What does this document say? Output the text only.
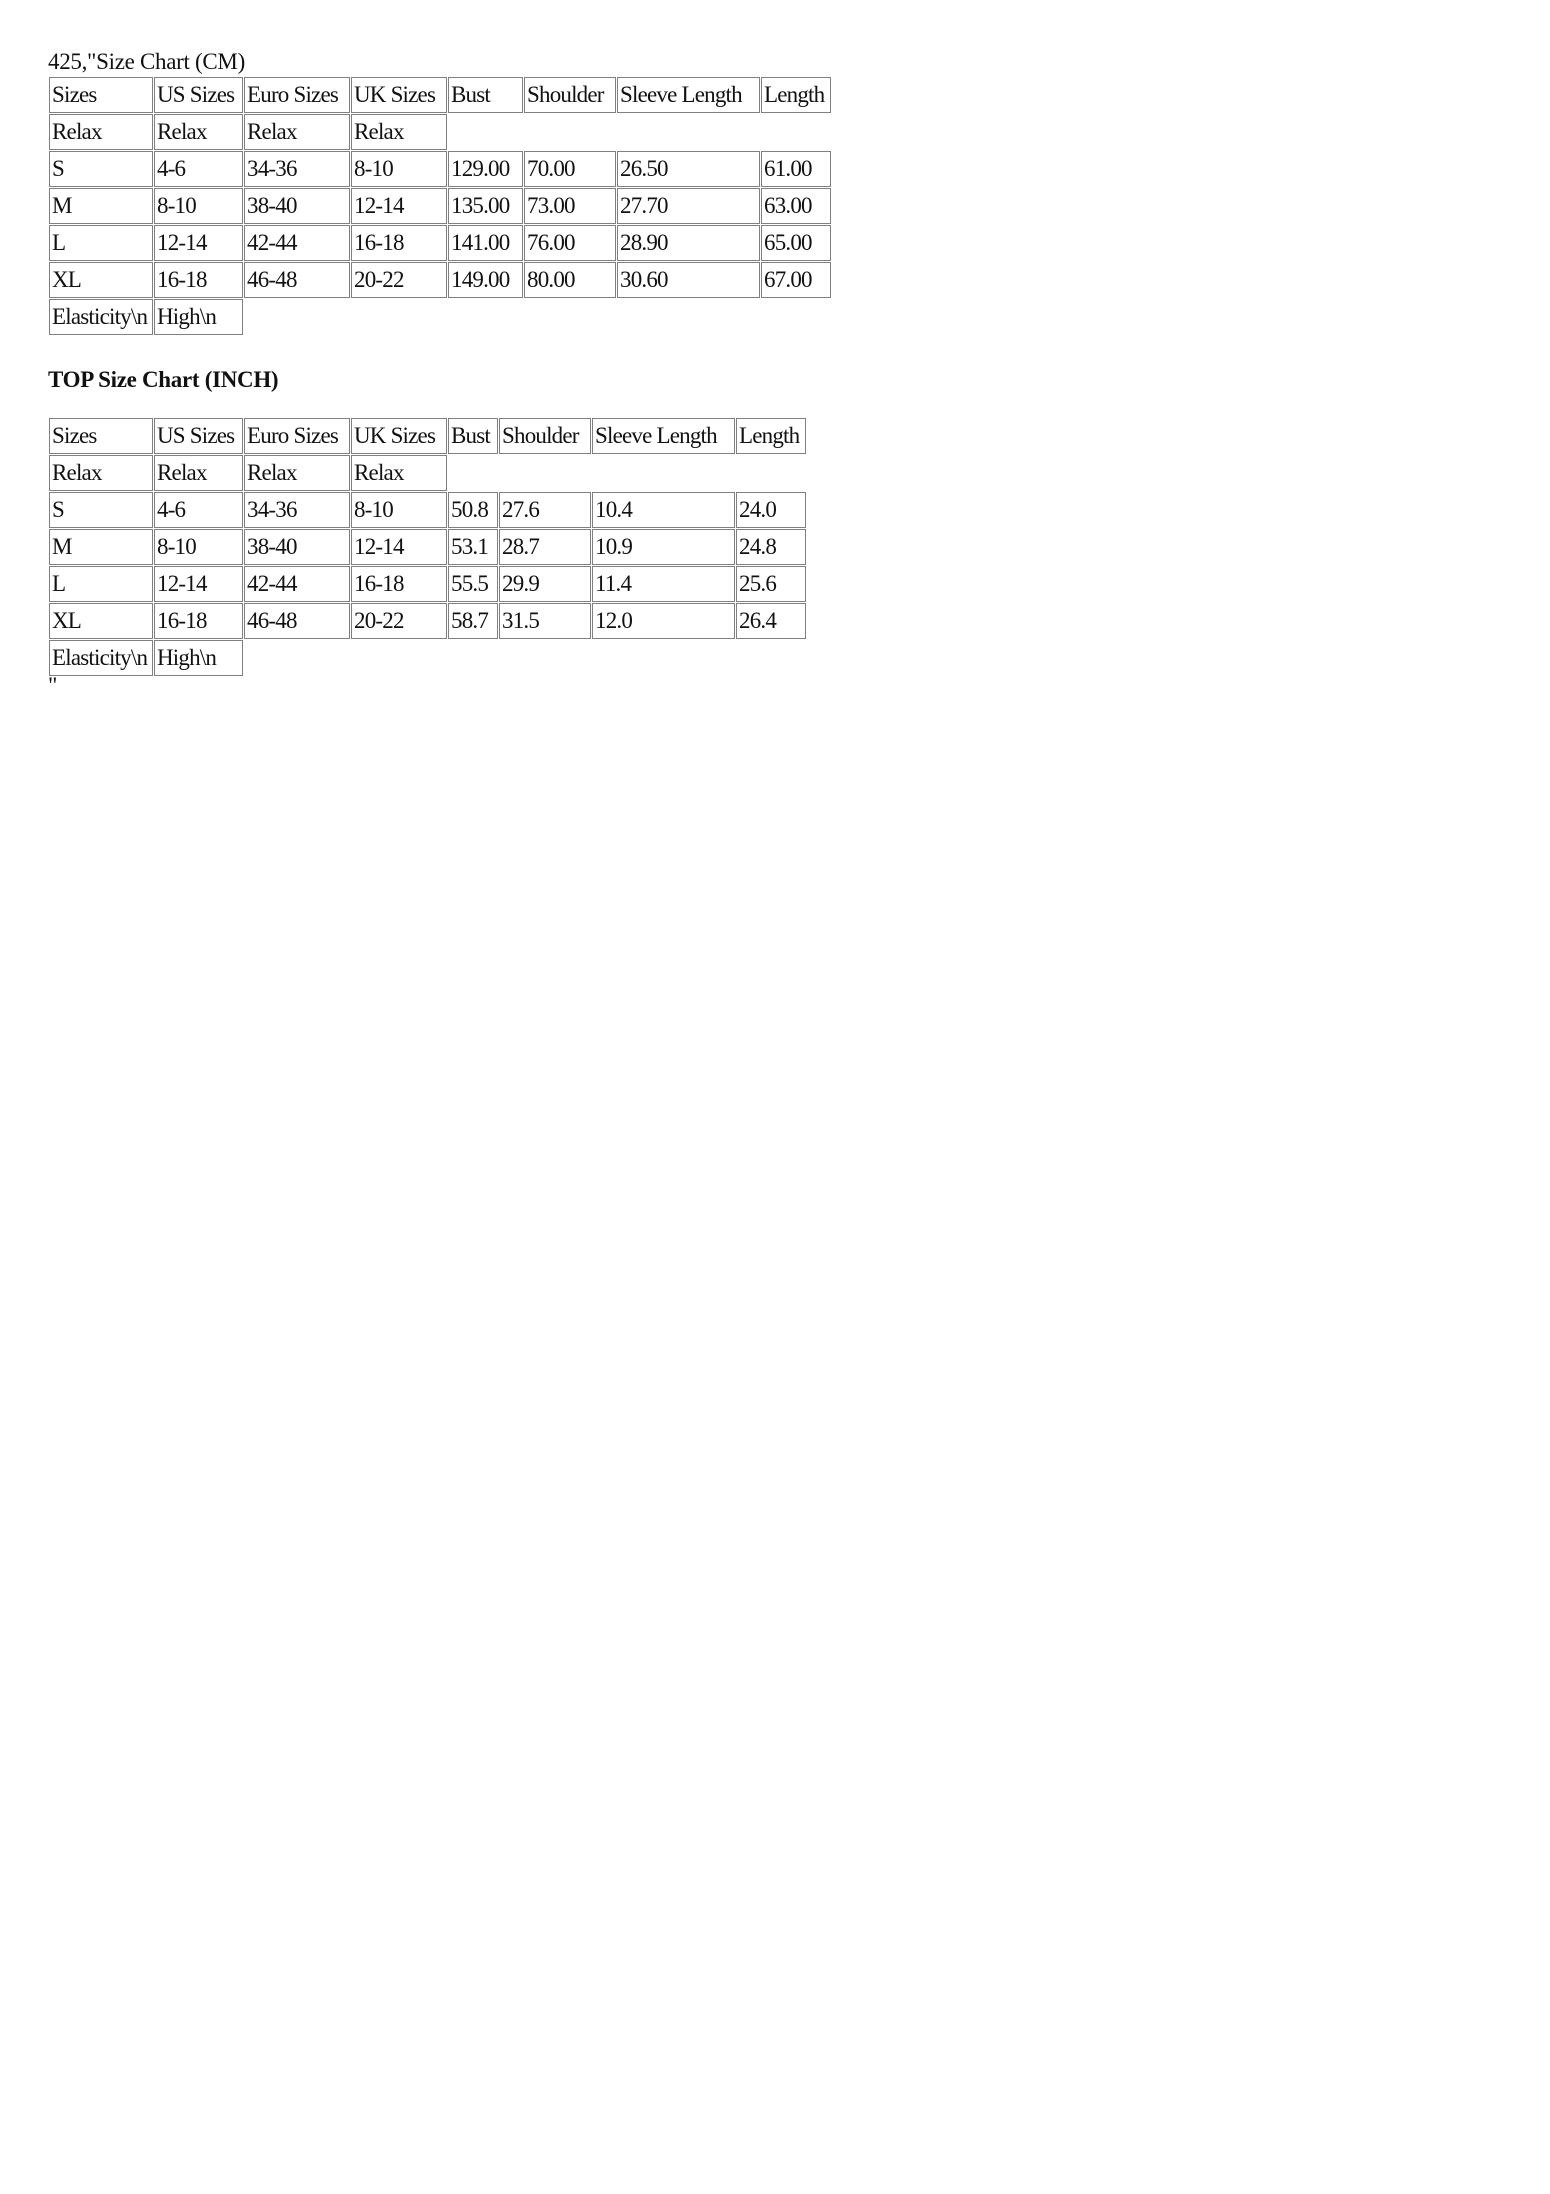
425,"Size Chart (CM)

Sizes	US Sizes	Euro Sizes	UK Sizes	Bust	Shoulder	Sleeve Length	Length
Relax	Relax	Relax	Relax				
S	4-6	34-36	8-10	129.00	70.00	26.50	61.00
M	8-10	38-40	12-14	135.00	73.00	27.70	63.00
L	12-14	42-44	16-18	141.00	76.00	28.90	65.00
XL	16-18	46-48	20-22	149.00	80.00	30.60	67.00
Elasticity\n	High\n						

TOP Size Chart (INCH)

Sizes	US Sizes	Euro Sizes	UK Sizes	Bust	Shoulder	Sleeve Length	Length
Relax	Relax	Relax	Relax				
S	4-6	34-36	8-10	50.8	27.6	10.4	24.0
M	8-10	38-40	12-14	53.1	28.7	10.9	24.8
L	12-14	42-44	16-18	55.5	29.9	11.4	25.6
XL	16-18	46-48	20-22	58.7	31.5	12.0	26.4
Elasticity\n	High\n						

"
